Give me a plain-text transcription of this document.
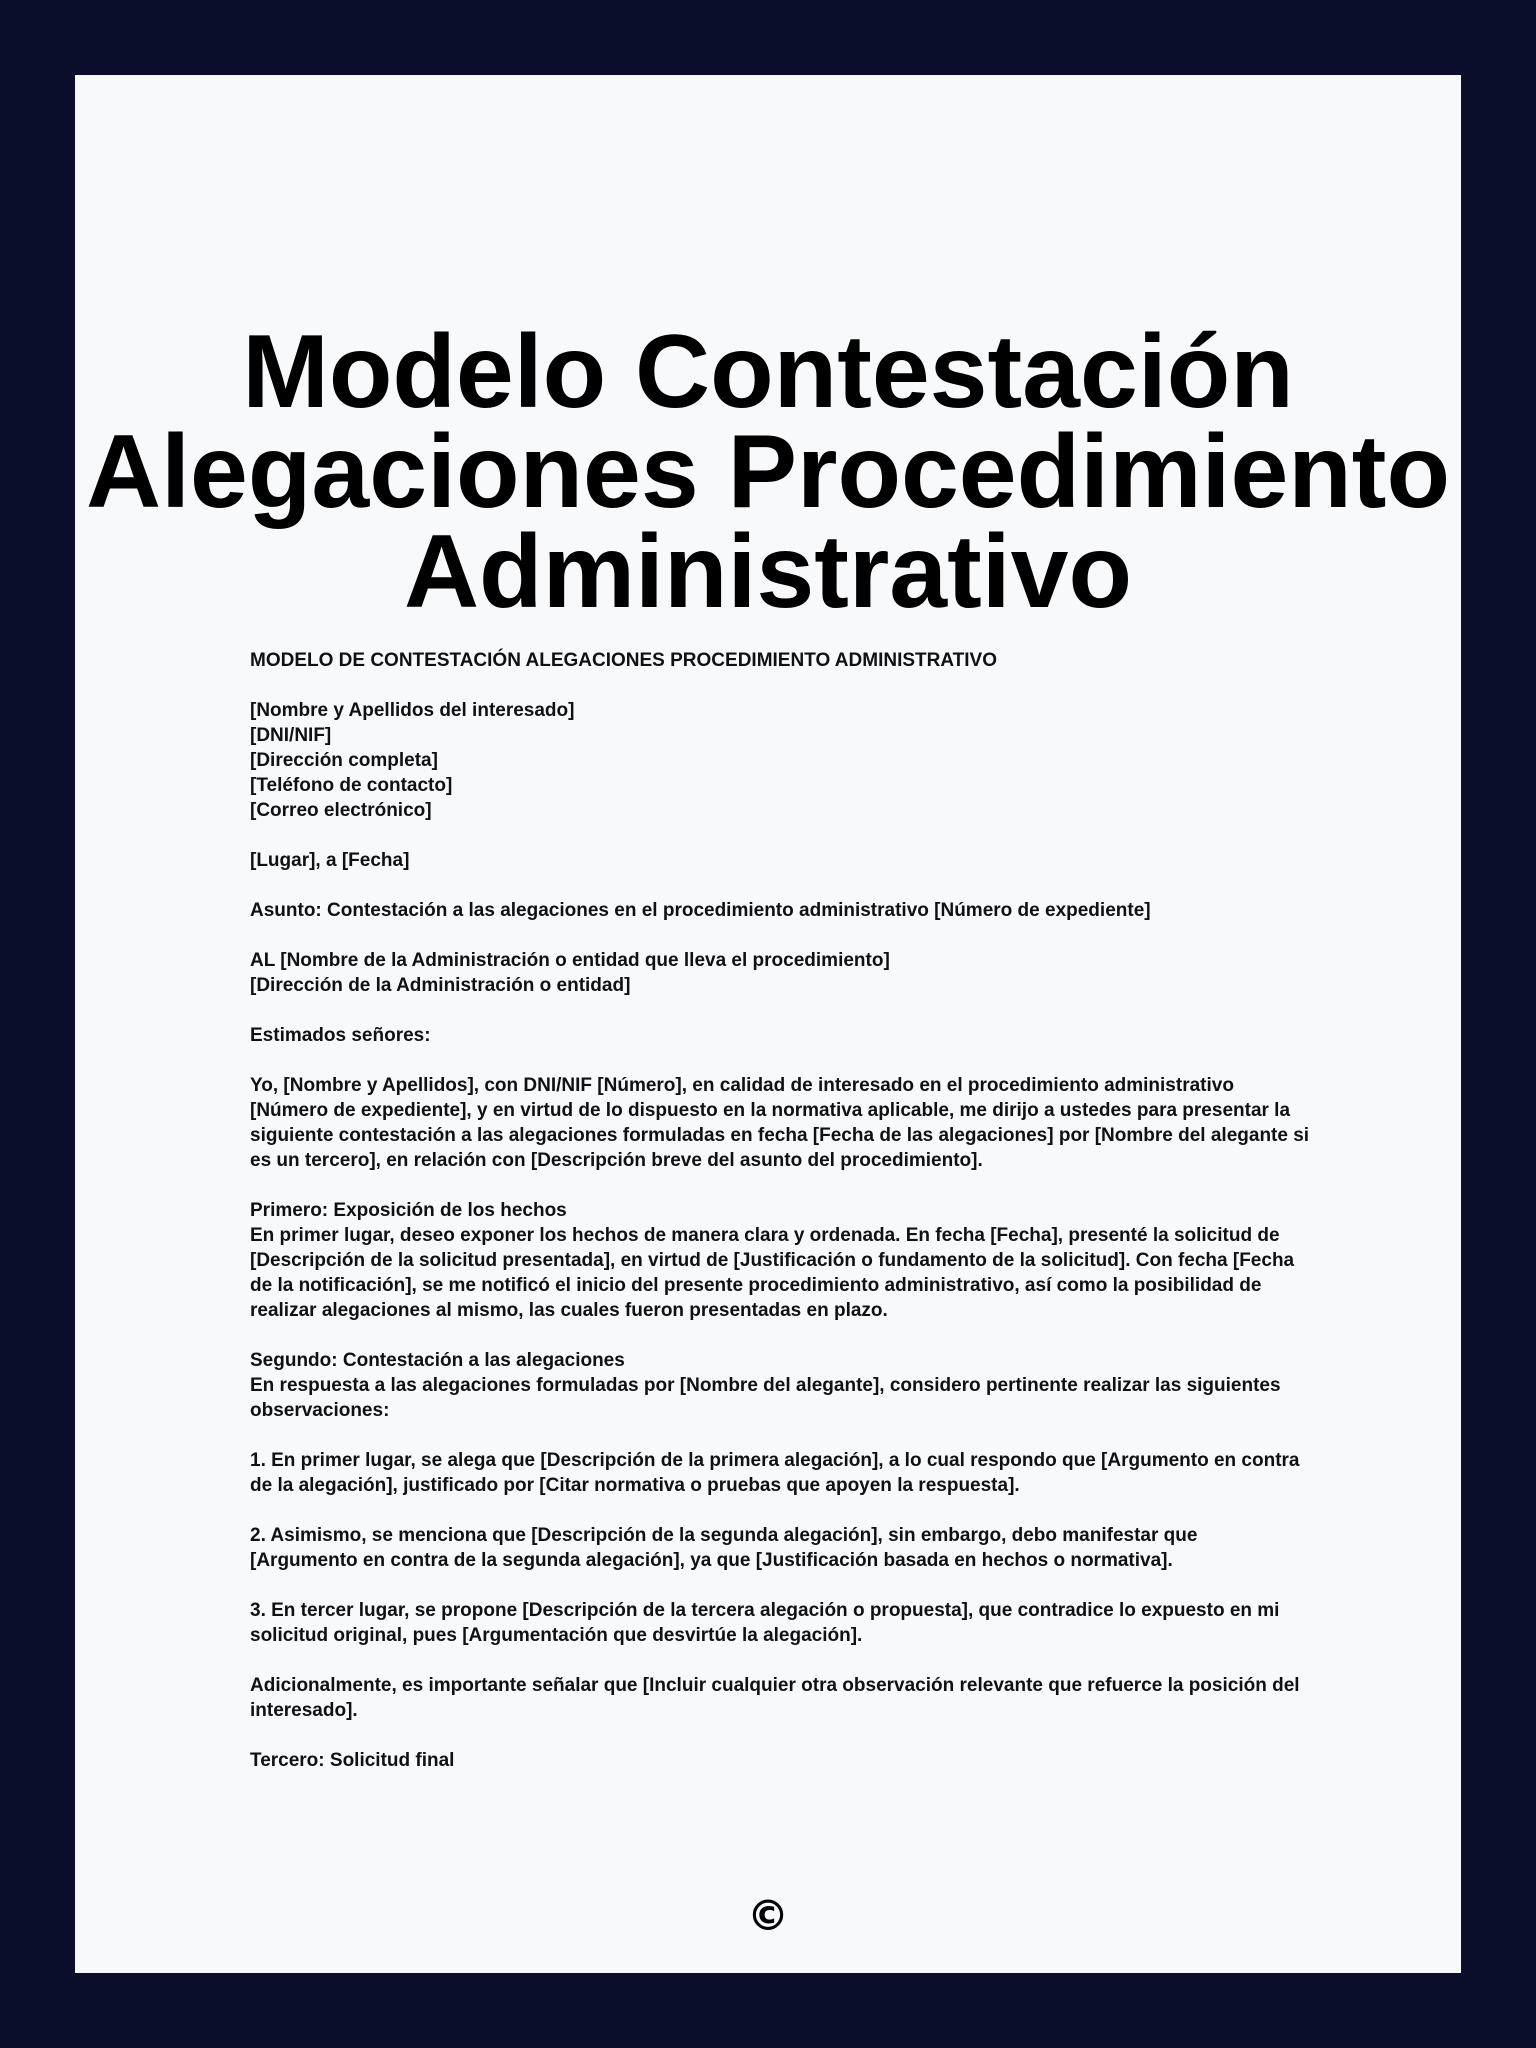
Modelo Contestación
Alegaciones Procedimiento
Administrativo

MODELO DE CONTESTACIÓN ALEGACIONES PROCEDIMIENTO ADMINISTRATIVO

[Nombre y Apellidos del interesado]
[DNI/NIF]
[Dirección completa]
[Teléfono de contacto]
[Correo electrónico]

[Lugar], a [Fecha]

Asunto: Contestación a las alegaciones en el procedimiento administrativo [Número de expediente]

AL [Nombre de la Administración o entidad que lleva el procedimiento]
[Dirección de la Administración o entidad]

Estimados señores:

Yo, [Nombre y Apellidos], con DNI/NIF [Número], en calidad de interesado en el procedimiento administrativo [Número de expediente], y en virtud de lo dispuesto en la normativa aplicable, me dirijo a ustedes para presentar la siguiente contestación a las alegaciones formuladas en fecha [Fecha de las alegaciones] por [Nombre del alegante si es un tercero], en relación con [Descripción breve del asunto del procedimiento].

Primero: Exposición de los hechos
En primer lugar, deseo exponer los hechos de manera clara y ordenada. En fecha [Fecha], presenté la solicitud de [Descripción de la solicitud presentada], en virtud de [Justificación o fundamento de la solicitud]. Con fecha [Fecha de la notificación], se me notificó el inicio del presente procedimiento administrativo, así como la posibilidad de realizar alegaciones al mismo, las cuales fueron presentadas en plazo.

Segundo: Contestación a las alegaciones
En respuesta a las alegaciones formuladas por [Nombre del alegante], considero pertinente realizar las siguientes observaciones:

1. En primer lugar, se alega que [Descripción de la primera alegación], a lo cual respondo que [Argumento en contra de la alegación], justificado por [Citar normativa o pruebas que apoyen la respuesta].

2. Asimismo, se menciona que [Descripción de la segunda alegación], sin embargo, debo manifestar que [Argumento en contra de la segunda alegación], ya que [Justificación basada en hechos o normativa].

3. En tercer lugar, se propone [Descripción de la tercera alegación o propuesta], que contradice lo expuesto en mi solicitud original, pues [Argumentación que desvirtúe la alegación].

Adicionalmente, es importante señalar que [Incluir cualquier otra observación relevante que refuerce la posición del interesado].

Tercero: Solicitud final

©
